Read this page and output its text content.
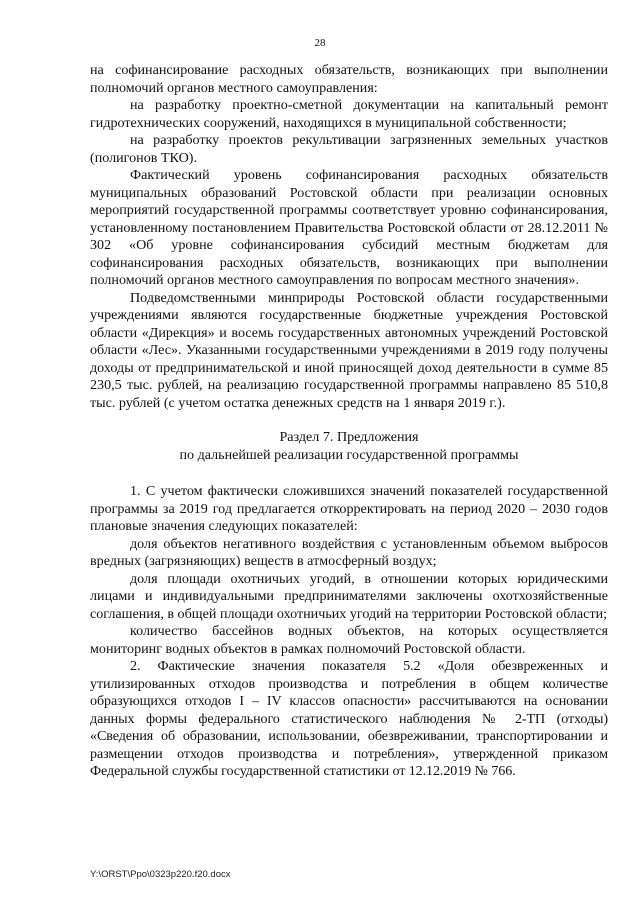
28

на софинансирование расходных обязательств, возникающих при выполнении полномочий органов местного самоуправления:

на разработку проектно-сметной документации на капитальный ремонт гидротехнических сооружений, находящихся в муниципальной собственности;

на разработку проектов рекультивации загрязненных земельных участков (полигонов ТКО).

Фактический уровень софинансирования расходных обязательств муниципальных образований Ростовской области при реализации основных мероприятий государственной программы соответствует уровню софинансирования, установленному постановлением Правительства Ростовской области от 28.12.2011 № 302 «Об уровне софинансирования субсидий местным бюджетам для софинансирования расходных обязательств, возникающих при выполнении полномочий органов местного самоуправления по вопросам местного значения».

Подведомственными минприроды Ростовской области государственными учреждениями являются государственные бюджетные учреждения Ростовской области «Дирекция» и восемь государственных автономных учреждений Ростовской области «Лес». Указанными государственными учреждениями в 2019 году получены доходы от предпринимательской и иной приносящей доход деятельности в сумме 85 230,5 тыс. рублей, на реализацию государственной программы направлено 85 510,8 тыс. рублей (с учетом остатка денежных средств на 1 января 2019 г.).

Раздел 7. Предложения

по дальнейшей реализации государственной программы

1. С учетом фактически сложившихся значений показателей государственной программы за 2019 год предлагается откорректировать на период 2020 – 2030 годов плановые значения следующих показателей:

доля объектов негативного воздействия с установленным объемом выбросов вредных (загрязняющих) веществ в атмосферный воздух;

доля площади охотничьих угодий, в отношении которых юридическими лицами и индивидуальными предпринимателями заключены охотхозяйственные соглашения, в общей площади охотничьих угодий на территории Ростовской области;

количество бассейнов водных объектов, на которых осуществляется мониторинг водных объектов в рамках полномочий Ростовской области.

2. Фактические значения показателя 5.2 «Доля обезвреженных и утилизированных отходов производства и потребления в общем количестве образующихся отходов I – IV классов опасности» рассчитываются на основании данных формы федерального статистического наблюдения № 2-ТП (отходы) «Сведения об образовании, использовании, обезвреживании, транспортировании и размещении отходов производства и потребления», утвержденной приказом Федеральной службы государственной статистики от 12.12.2019 № 766.

Y:\ORST\Ppo\0323p220.f20.docx
